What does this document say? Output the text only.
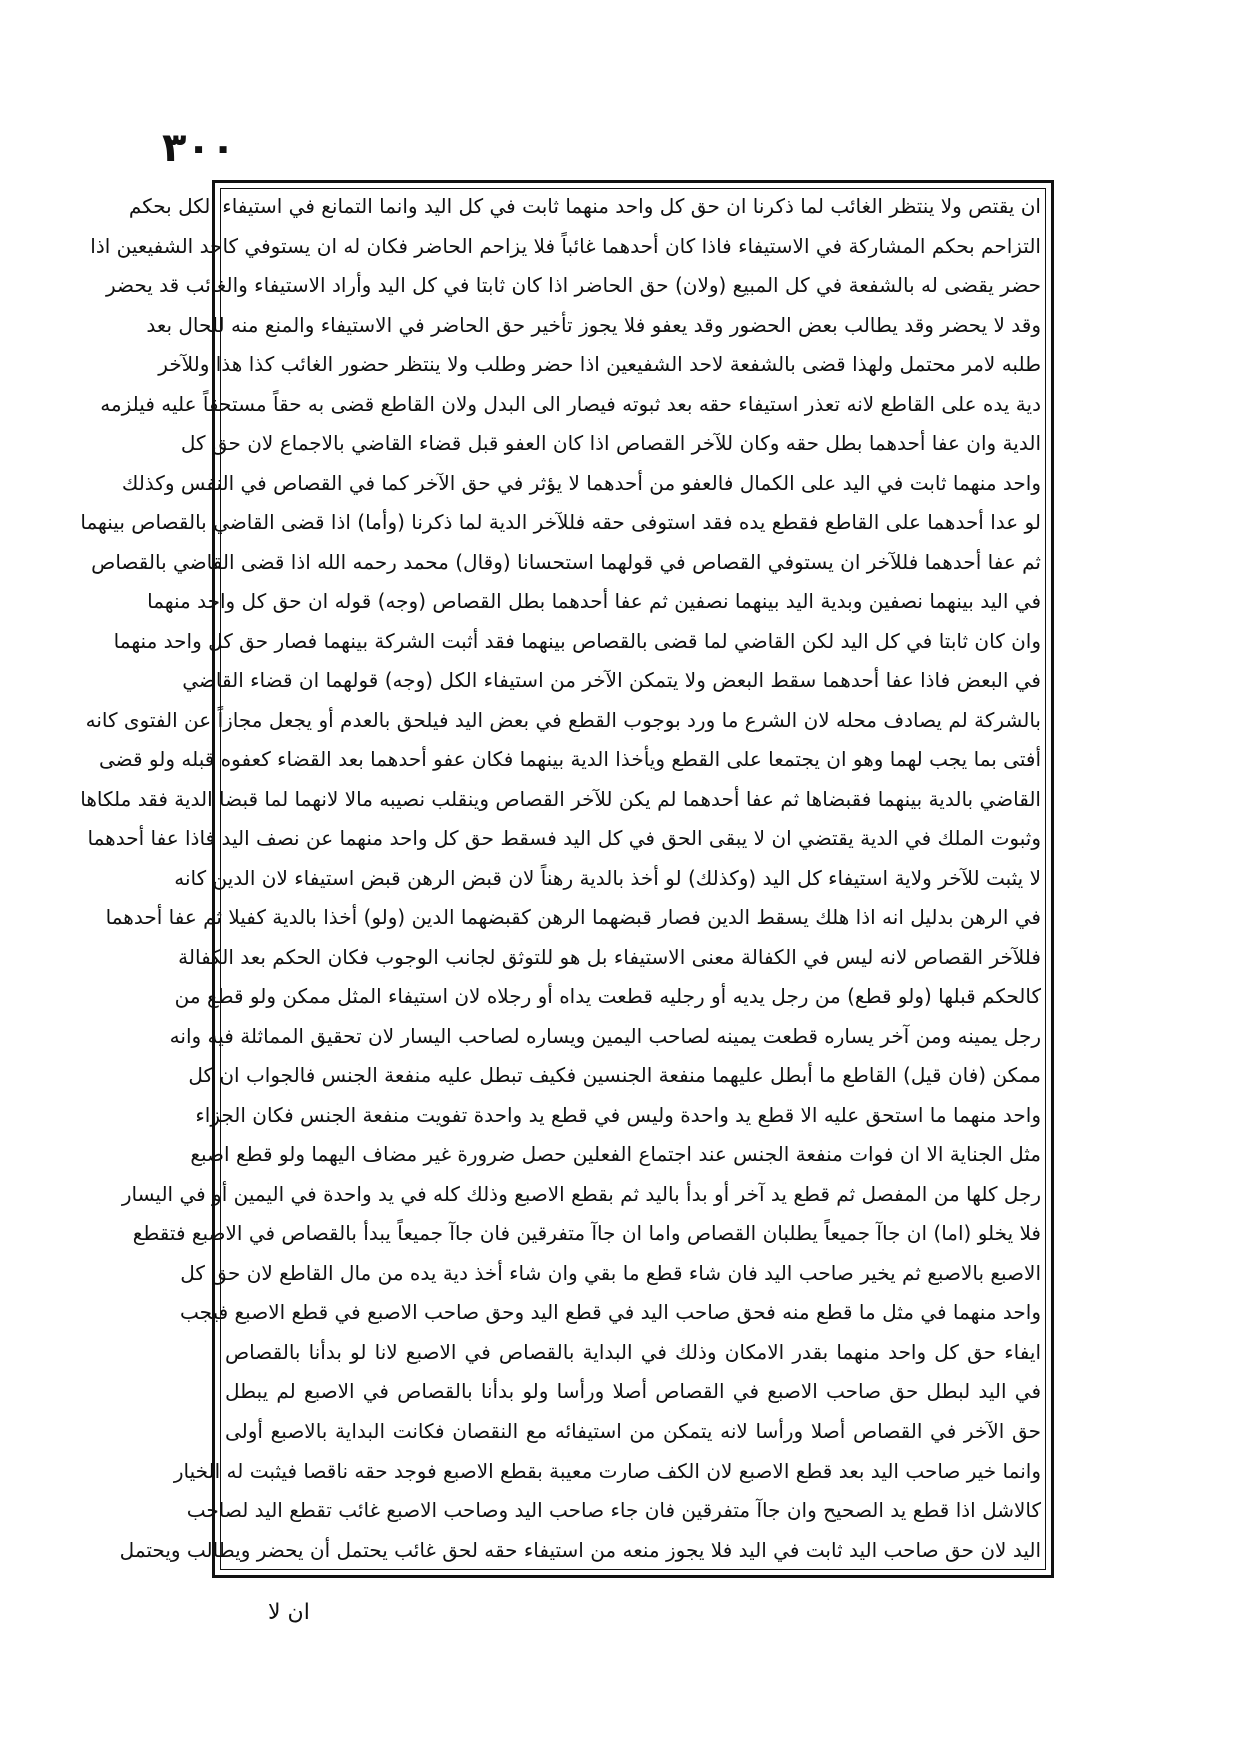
٣٠٠
ان يقتص ولا ينتظر الغائب لما ذكرنا ان حق كل واحد منهما ثابت في كل اليد وانما التمانع في استيفاء الكل بحكم
التزاحم بحكم المشاركة في الاستيفاء فاذا كان أحدهما غائباً فلا يزاحم الحاضر فكان له ان يستوفي كاحد الشفيعين اذا
حضر يقضى له بالشفعة في كل المبيع (ولان) حق الحاضر اذا كان ثابتا في كل اليد وأراد الاستيفاء والغائب قد يحضر
وقد لا يحضر وقد يطالب بعض الحضور وقد يعفو فلا يجوز تأخير حق الحاضر في الاستيفاء والمنع منه للحال بعد
طلبه لامر محتمل ولهذا قضى بالشفعة لاحد الشفيعين اذا حضر وطلب ولا ينتظر حضور الغائب كذا هذا وللآخر
دية يده على القاطع لانه تعذر استيفاء حقه بعد ثبوته فيصار الى البدل ولان القاطع قضى به حقاً مستحقاً عليه فيلزمه
الدية وان عفا أحدهما بطل حقه وكان للآخر القصاص اذا كان العفو قبل قضاء القاضي بالاجماع لان حق كل
واحد منهما ثابت في اليد على الكمال فالعفو من أحدهما لا يؤثر في حق الآخر كما في القصاص في النفس وكذلك
لو عدا أحدهما على القاطع فقطع يده فقد استوفى حقه فللآخر الدية لما ذكرنا (وأما) اذا قضى القاضي بالقصاص بينهما
ثم عفا أحدهما فللآخر ان يستوفي القصاص في قولهما استحسانا (وقال) محمد رحمه الله اذا قضى القاضي بالقصاص
في اليد بينهما نصفين وبدية اليد بينهما نصفين ثم عفا أحدهما بطل القصاص (وجه) قوله ان حق كل واحد منهما
وان كان ثابتا في كل اليد لكن القاضي لما قضى بالقصاص بينهما فقد أثبت الشركة بينهما فصار حق كل واحد منهما
في البعض فاذا عفا أحدهما سقط البعض ولا يتمكن الآخر من استيفاء الكل (وجه) قولهما ان قضاء القاضي
بالشركة لم يصادف محله لان الشرع ما ورد بوجوب القطع في بعض اليد فيلحق بالعدم أو يجعل مجازاً عن الفتوى كانه
أفتى بما يجب لهما وهو ان يجتمعا على القطع ويأخذا الدية بينهما فكان عفو أحدهما بعد القضاء كعفوه قبله ولو قضى
القاضي بالدية بينهما فقبضاها ثم عفا أحدهما لم يكن للآخر القصاص وينقلب نصيبه مالا لانهما لما قبضا الدية فقد ملكاها
وثبوت الملك في الدية يقتضي ان لا يبقى الحق في كل اليد فسقط حق كل واحد منهما عن نصف اليد فاذا عفا أحدهما
لا يثبت للآخر ولاية استيفاء كل اليد (وكذلك) لو أخذ بالدية رهناً لان قبض الرهن قبض استيفاء لان الدين كانه
في الرهن بدليل انه اذا هلك يسقط الدين فصار قبضهما الرهن كقبضهما الدين (ولو) أخذا بالدية كفيلا ثم عفا أحدهما
فللآخر القصاص لانه ليس في الكفالة معنى الاستيفاء بل هو للتوثق لجانب الوجوب فكان الحكم بعد الكفالة
كالحكم قبلها (ولو قطع) من رجل يديه أو رجليه قطعت يداه أو رجلاه لان استيفاء المثل ممكن ولو قطع من
رجل يمينه ومن آخر يساره قطعت يمينه لصاحب اليمين ويساره لصاحب اليسار لان تحقيق المماثلة فيه وانه
ممكن (فان قيل) القاطع ما أبطل عليهما منفعة الجنسين فكيف تبطل عليه منفعة الجنس فالجواب ان كل
واحد منهما ما استحق عليه الا قطع يد واحدة وليس في قطع يد واحدة تفويت منفعة الجنس فكان الجزاء
مثل الجناية الا ان فوات منفعة الجنس عند اجتماع الفعلين حصل ضرورة غير مضاف اليهما ولو قطع اصبع
رجل كلها من المفصل ثم قطع يد آخر أو بدأ باليد ثم بقطع الاصبع وذلك كله في يد واحدة في اليمين أو في اليسار
فلا يخلو (اما) ان جاآ جميعاً يطلبان القصاص واما ان جاآ متفرقين فان جاآ جميعاً يبدأ بالقصاص في الاصبع فتقطع
الاصبع بالاصبع ثم يخير صاحب اليد فان شاء قطع ما بقي وان شاء أخذ دية يده من مال القاطع لان حق كل
واحد منهما في مثل ما قطع منه فحق صاحب اليد في قطع اليد وحق صاحب الاصبع في قطع الاصبع فيجب
ايفاء حق كل واحد منهما بقدر الامكان وذلك في البداية بالقصاص في الاصبع لانا لو بدأنا بالقصاص
في اليد لبطل حق صاحب الاصبع في القصاص أصلا ورأسا ولو بدأنا بالقصاص في الاصبع لم يبطل
حق الآخر في القصاص أصلا ورأسا لانه يتمكن من استيفائه مع النقصان فكانت البداية بالاصبع أولى
وانما خير صاحب اليد بعد قطع الاصبع لان الكف صارت معيبة بقطع الاصبع فوجد حقه ناقصا فيثبت له الخيار
كالاشل اذا قطع يد الصحيح وان جاآ متفرقين فان جاء صاحب اليد وصاحب الاصبع غائب تقطع اليد لصاحب
اليد لان حق صاحب اليد ثابت في اليد فلا يجوز منعه من استيفاء حقه لحق غائب يحتمل أن يحضر ويطالب ويحتمل
ان لا
